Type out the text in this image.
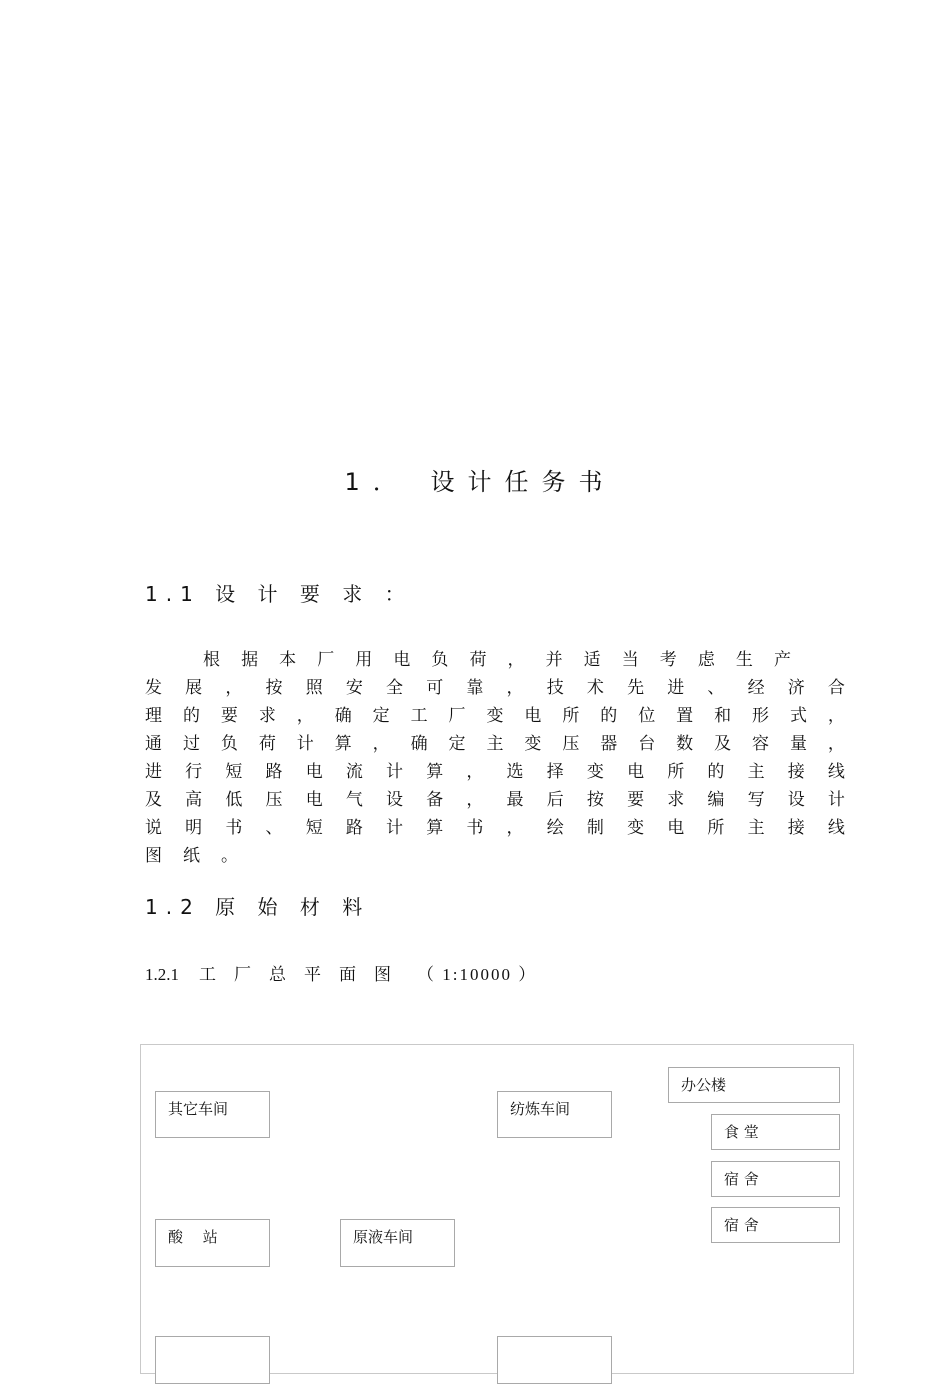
1． 设计任务书
1.1 设 计 要 求 ：
根 据 本 厂 用 电 负 荷 ， 并 适 当 考 虑 生 产
发 展 ， 按 照 安 全 可 靠 ， 技 术 先 进 、 经 济 合
理 的 要 求 ， 确 定 工 厂 变 电 所 的 位 置 和 形 式 ，
通 过 负 荷 计 算 ， 确 定 主 变 压 器 台 数 及 容 量 ，
进 行 短 路 电 流 计 算 ， 选 择 变 电 所 的 主 接 线
及 高 低 压 电 气 设 备 ， 最 后 按 要 求 编 写 设 计
说 明 书 、 短 路 计 算 书 ， 绘 制 变 电 所 主 接 线
图 纸 。
1.2 原 始 材 料
1.2.1 工厂总平面图 （ 1:10000 ）
其它车间	纺炼车间
办公楼
食 堂
宿 舍
宿 舍
酸　 站	原液车间
